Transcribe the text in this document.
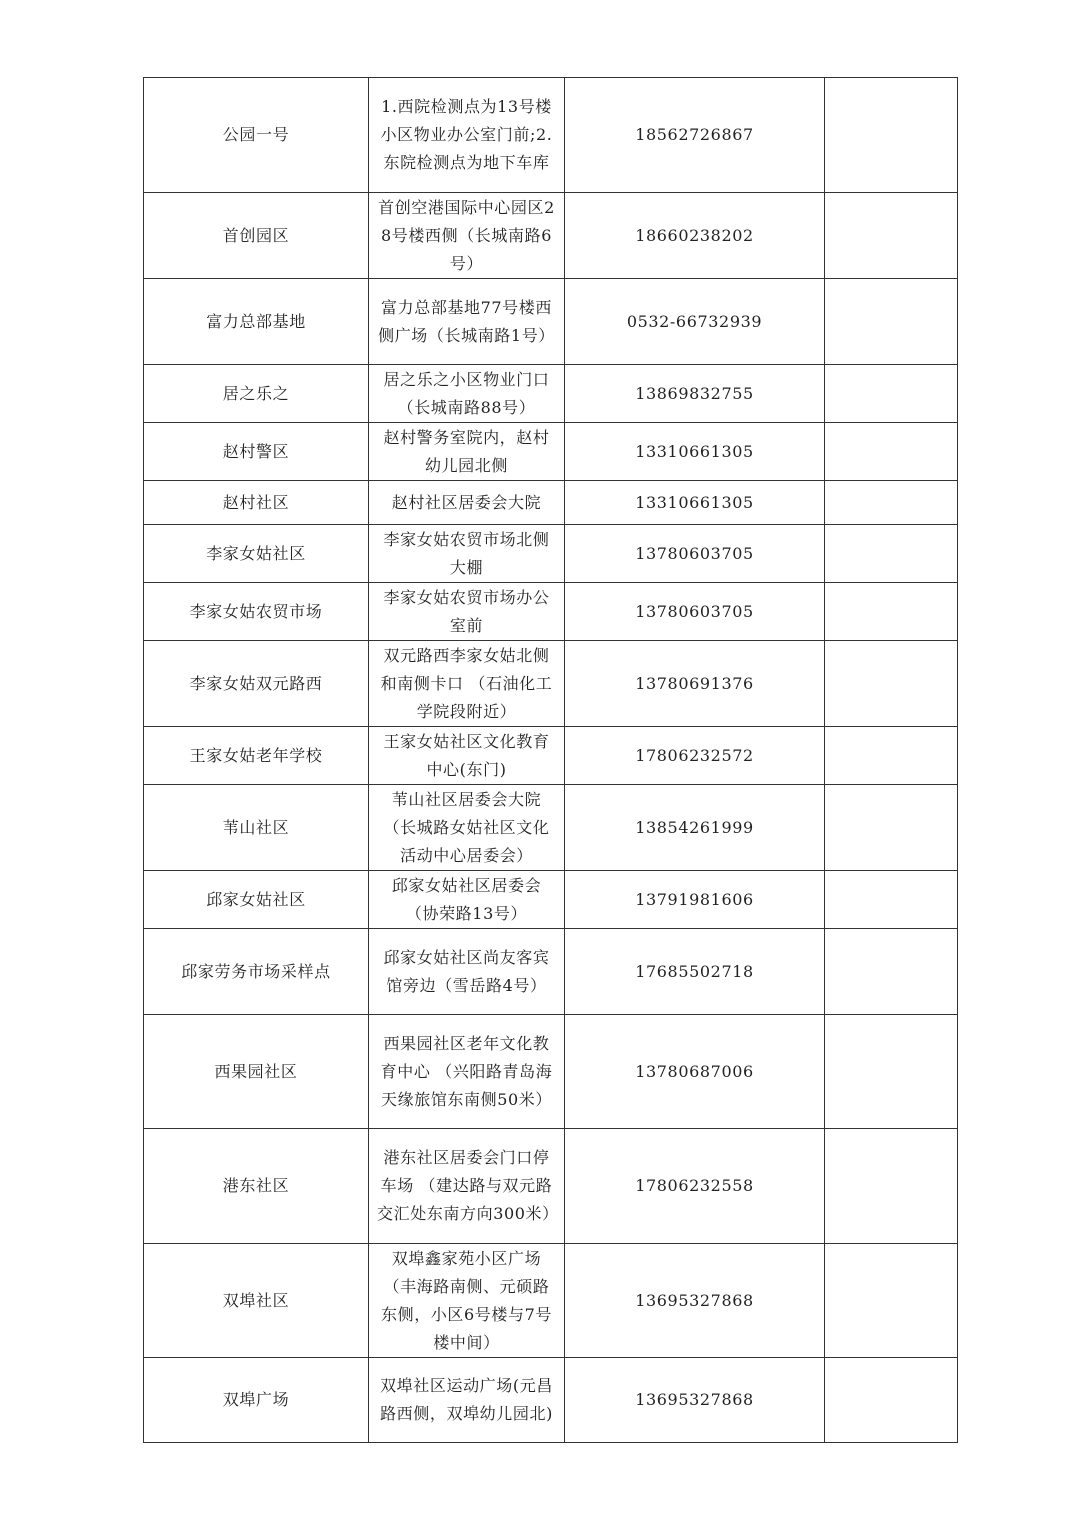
公园一号	1.西院检测点为13号楼小区物业办公室门前;2.东院检测点为地下车库	18562726867	
首创园区	首创空港国际中心园区28号楼西侧（长城南路6号）	18660238202	
富力总部基地	富力总部基地77号楼西侧广场（长城南路1号）	0532-66732939	
居之乐之	居之乐之小区物业门口（长城南路88号）	13869832755	
赵村警区	赵村警务室院内，赵村幼儿园北侧	13310661305	
赵村社区	赵村社区居委会大院	13310661305	
李家女姑社区	李家女姑农贸市场北侧大棚	13780603705	
李家女姑农贸市场	李家女姑农贸市场办公室前	13780603705	
李家女姑双元路西	双元路西李家女姑北侧和南侧卡口 （石油化工学院段附近）	13780691376	
王家女姑老年学校	王家女姑社区文化教育中心(东门)	17806232572	
苇山社区	苇山社区居委会大院（长城路女姑社区文化活动中心居委会）	13854261999	
邱家女姑社区	邱家女姑社区居委会（协荣路13号）	13791981606	
邱家劳务市场采样点	邱家女姑社区尚友客宾馆旁边（雪岳路4号）	17685502718	
西果园社区	西果园社区老年文化教育中心 （兴阳路青岛海天缘旅馆东南侧50米）	13780687006	
港东社区	港东社区居委会门口停车场 （建达路与双元路交汇处东南方向300米）	17806232558	
双埠社区	双埠鑫家苑小区广场（丰海路南侧、元硕路东侧，小区6号楼与7号楼中间）	13695327868	
双埠广场	双埠社区运动广场(元昌路西侧，双埠幼儿园北)	13695327868	
